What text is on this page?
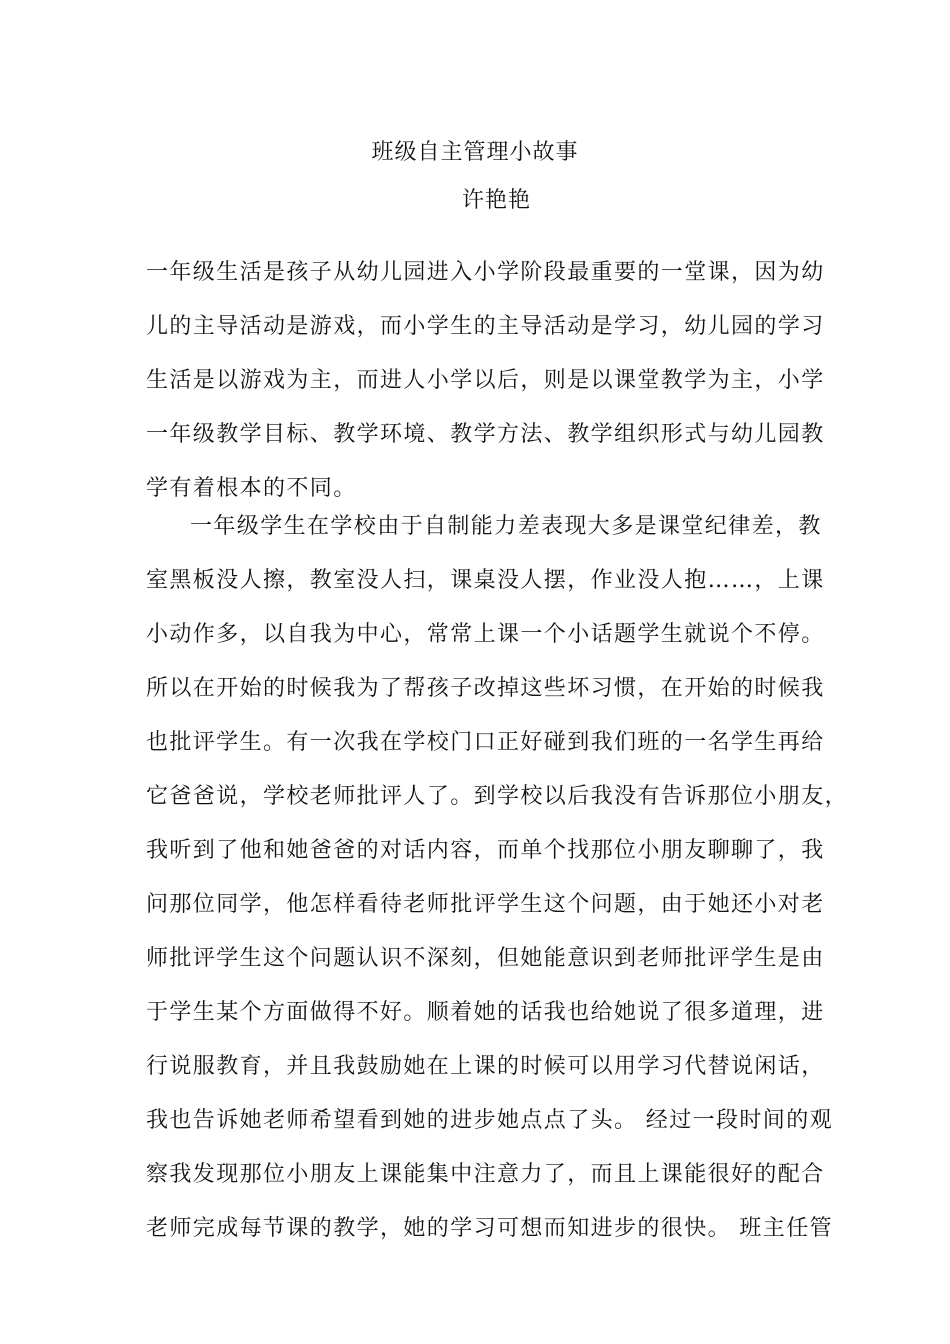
班级自主管理小故事
许艳艳
一年级生活是孩子从幼儿园进入小学阶段最重要的一堂课，因为幼
儿的主导活动是游戏，而小学生的主导活动是学习，幼儿园的学习
生活是以游戏为主，而进人小学以后，则是以课堂教学为主，小学
一年级教学目标、教学环境、教学方法、教学组织形式与幼儿园教
学有着根本的不同。
一年级学生在学校由于自制能力差表现大多是课堂纪律差，教
室黑板没人擦，教室没人扫，课桌没人摆，作业没人抱……，上课
小动作多，以自我为中心，常常上课一个小话题学生就说个不停。
所以在开始的时候我为了帮孩子改掉这些坏习惯，在开始的时候我
也批评学生。有一次我在学校门口正好碰到我们班的一名学生再给
它爸爸说，学校老师批评人了。到学校以后我没有告诉那位小朋友，
我听到了他和她爸爸的对话内容，而单个找那位小朋友聊聊了，我
问那位同学，他怎样看待老师批评学生这个问题，由于她还小对老
师批评学生这个问题认识不深刻，但她能意识到老师批评学生是由
于学生某个方面做得不好。顺着她的话我也给她说了很多道理，进
行说服教育，并且我鼓励她在上课的时候可以用学习代替说闲话，
我也告诉她老师希望看到她的进步她点点了头。 经过一段时间的观
察我发现那位小朋友上课能集中注意力了，而且上课能很好的配合
老师完成每节课的教学，她的学习可想而知进步的很快。 班主任管
